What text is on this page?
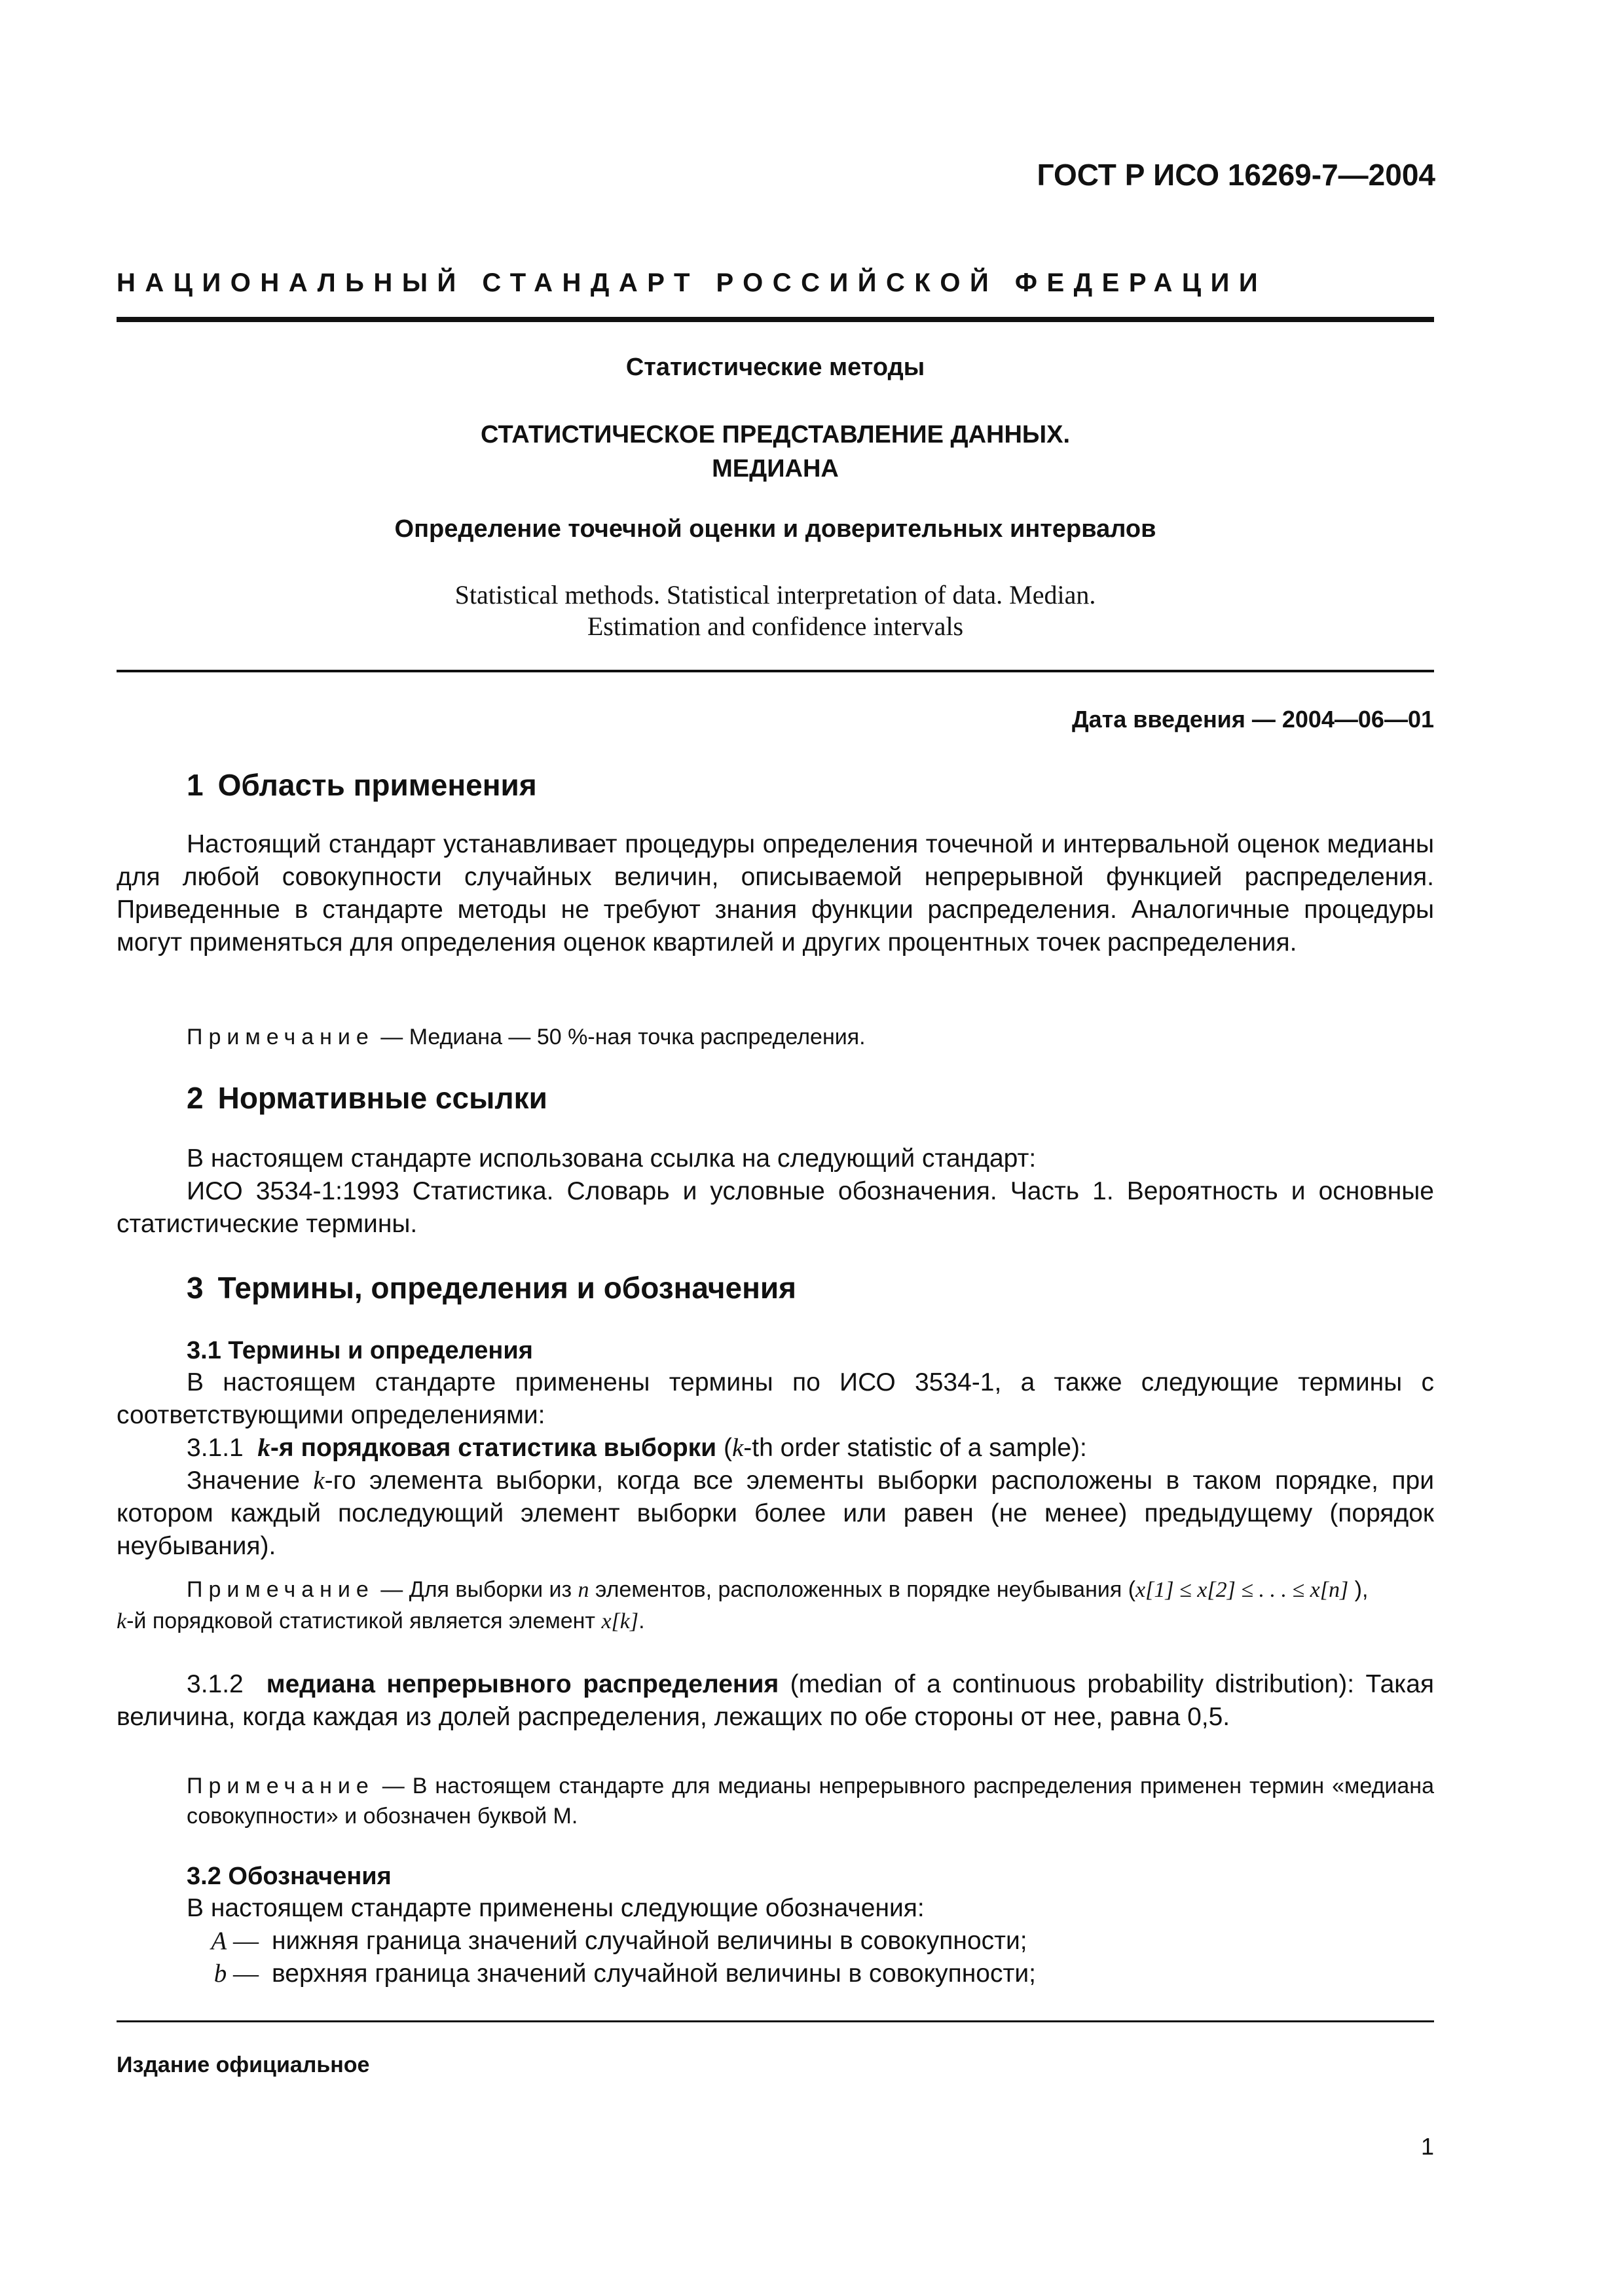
ГОСТ Р ИСО 16269-7—2004
НАЦИОНАЛЬНЫЙ СТАНДАРТ РОССИЙСКОЙ ФЕДЕРАЦИИ
Статистические методы
СТАТИСТИЧЕСКОЕ ПРЕДСТАВЛЕНИЕ ДАННЫХ.
МЕДИАНА
Определение точечной оценки и доверительных интервалов
Statistical methods. Statistical interpretation of data. Median.
Estimation and confidence intervals
Дата введения — 2004—06—01
1 Область применения
Настоящий стандарт устанавливает процедуры определения точечной и интервальной оценок медианы для любой совокупности случайных величин, описываемой непрерывной функцией распределения. Приведенные в стандарте методы не требуют знания функции распределения. Аналогичные процедуры могут применяться для определения оценок квартилей и других процентных точек распределения.
Примечание — Медиана — 50 %-ная точка распределения.
2 Нормативные ссылки
В настоящем стандарте использована ссылка на следующий стандарт:
ИСО 3534-1:1993 Статистика. Словарь и условные обозначения. Часть 1. Вероятность и основные статистические термины.
3 Термины, определения и обозначения
3.1 Термины и определения
В настоящем стандарте применены термины по ИСО 3534-1, а также следующие термины с соответствующими определениями:
3.1.1 k-я порядковая статистика выборки (k-th order statistic of a sample):
Значение k-го элемента выборки, когда все элементы выборки расположены в таком порядке, при котором каждый последующий элемент выборки более или равен (не менее) предыдущему (порядок неубывания).
Примечание — Для выборки из n элементов, расположенных в порядке неубывания (x[1] ≤ x[2] ≤ . . . ≤ x[n] ),
k-й порядковой статистикой является элемент x[k].
3.1.2 медиана непрерывного распределения (median of a continuous probability distribution): Такая величина, когда каждая из долей распределения, лежащих по обе стороны от нее, равна 0,5.
Примечание — В настоящем стандарте для медианы непрерывного распределения применен термин «медиана совокупности» и обозначен буквой М.
3.2 Обозначения
В настоящем стандарте применены следующие обозначения:
A — нижняя граница значений случайной величины в совокупности;
b — верхняя граница значений случайной величины в совокупности;
Издание официальное
1
